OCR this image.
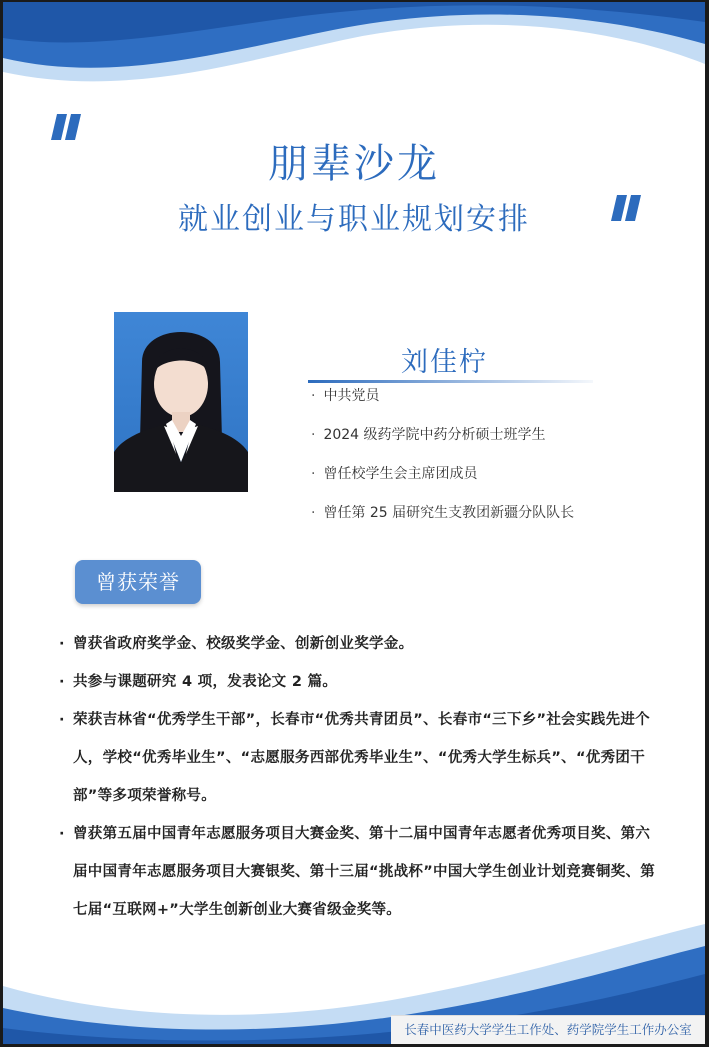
朋辈沙龙
就业创业与职业规划安排
刘佳柠
· 中共党员
· 2024 级药学院中药分析硕士班学生
· 曾任校学生会主席团成员
· 曾任第 25 届研究生支教团新疆分队队长
曾获荣誉
· 曾获省政府奖学金、校级奖学金、创新创业奖学金。
· 共参与课题研究 4 项，发表论文 2 篇。
· 荣获吉林省“优秀学生干部”，长春市“优秀共青团员”、长春市“三下乡”社会实践先进个人，学校“优秀毕业生”、“志愿服务西部优秀毕业生”、“优秀大学生标兵”、“优秀团干部”等多项荣誉称号。
· 曾获第五届中国青年志愿服务项目大赛金奖、第十二届中国青年志愿者优秀项目奖、第六届中国青年志愿服务项目大赛银奖、第十三届“挑战杯”中国大学生创业计划竞赛铜奖、第七届“互联网+”大学生创新创业大赛省级金奖等。
长春中医药大学学生工作处、药学院学生工作办公室
